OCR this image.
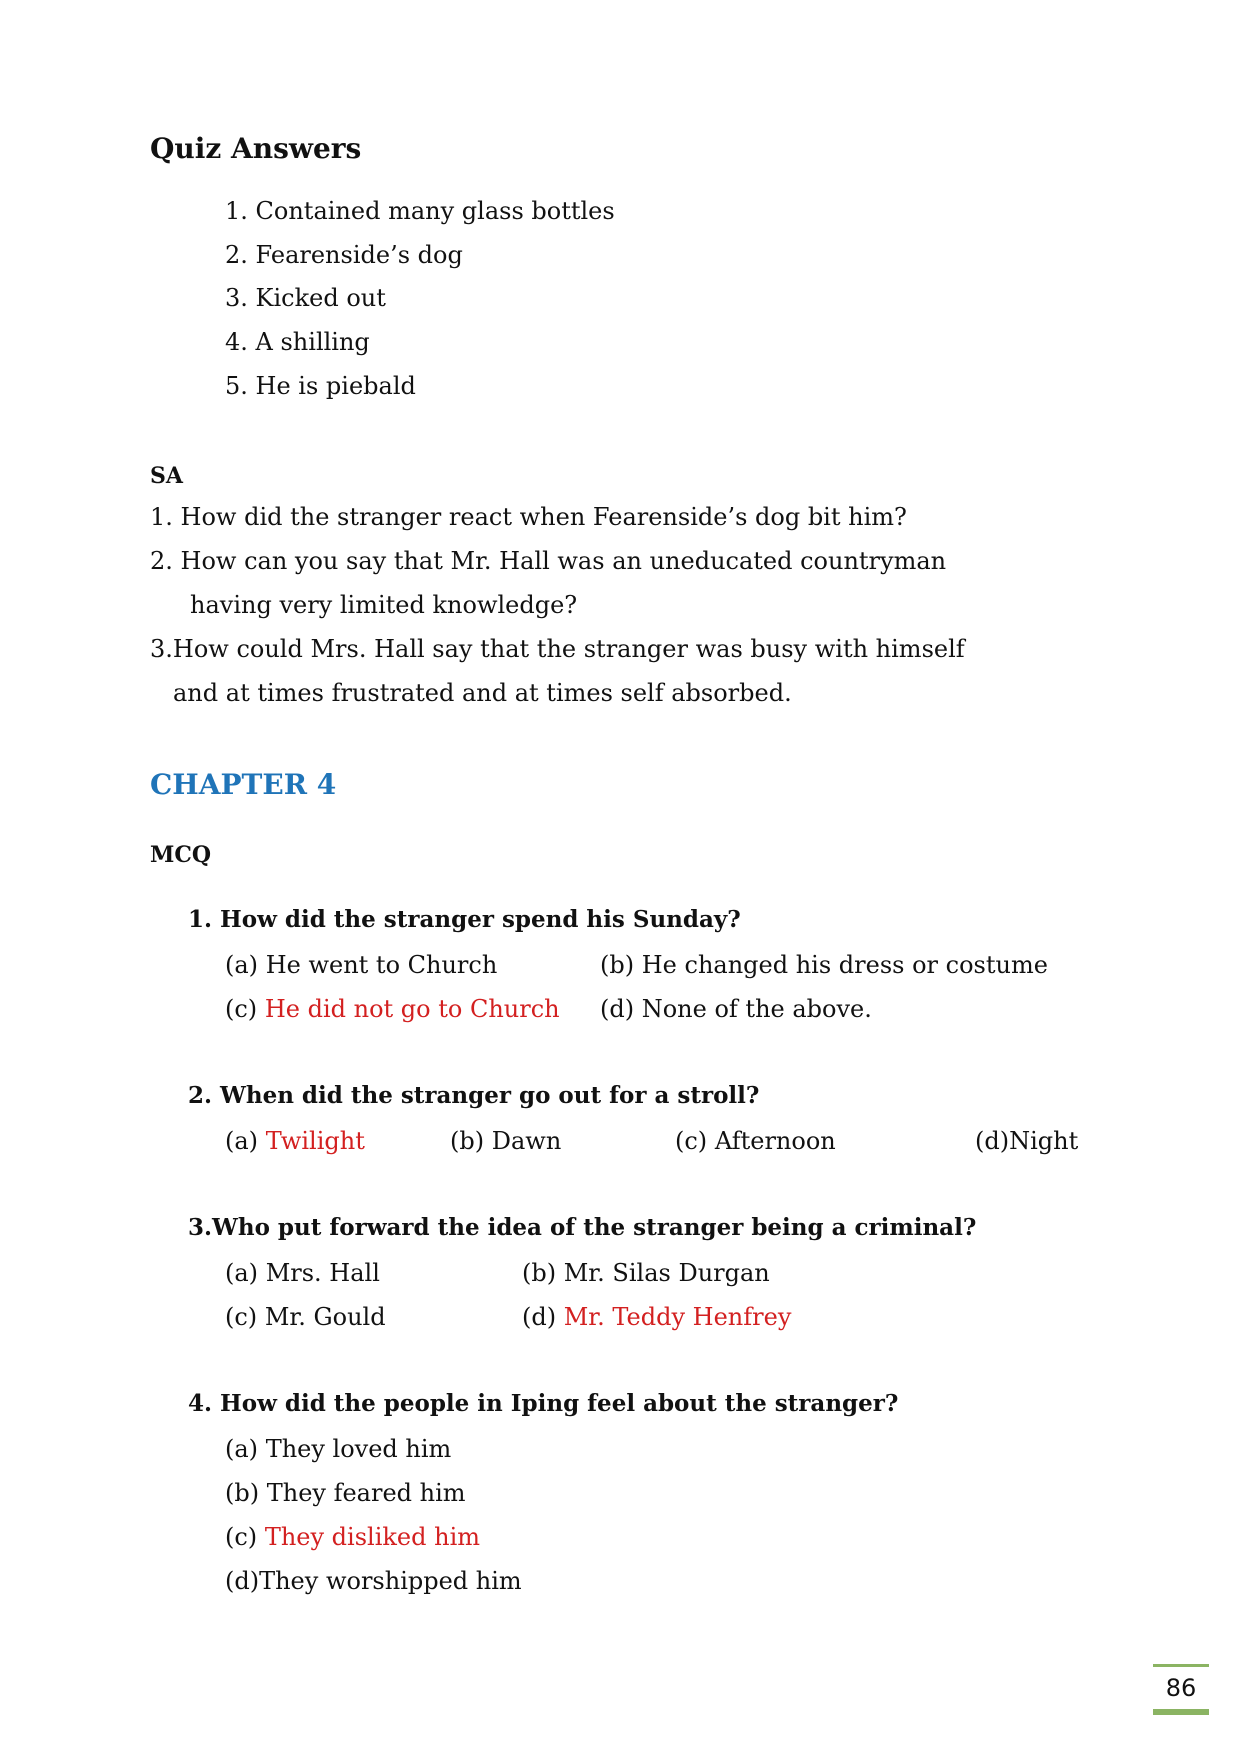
Quiz Answers
1. Contained many glass bottles
2. Fearenside’s dog
3. Kicked out
4. A shilling
5. He is piebald
SA
1. How did the stranger react when Fearenside’s dog bit him?
2. How can you say that Mr. Hall was an uneducated countryman
having very limited knowledge?
3.How could Mrs. Hall say that the stranger was busy with himself
and at times frustrated and at times self absorbed.
CHAPTER 4
MCQ
1. How did the stranger spend his Sunday?
(a) He went to Church	(b) He changed his dress or costume
(c) He did not go to Church (d) None of the above.
2. When did the stranger go out for a stroll?
(a) Twilight	(b) Dawn	(c) Afternoon	(d)Night
3.Who put forward the idea of the stranger being a criminal?
(a) Mrs. Hall	(b) Mr. Silas Durgan
(c) Mr. Gould	(d) Mr. Teddy Henfrey
4. How did the people in Iping feel about the stranger?
(a) They loved him
(b) They feared him
(c) They disliked him
(d)They worshipped him
86
